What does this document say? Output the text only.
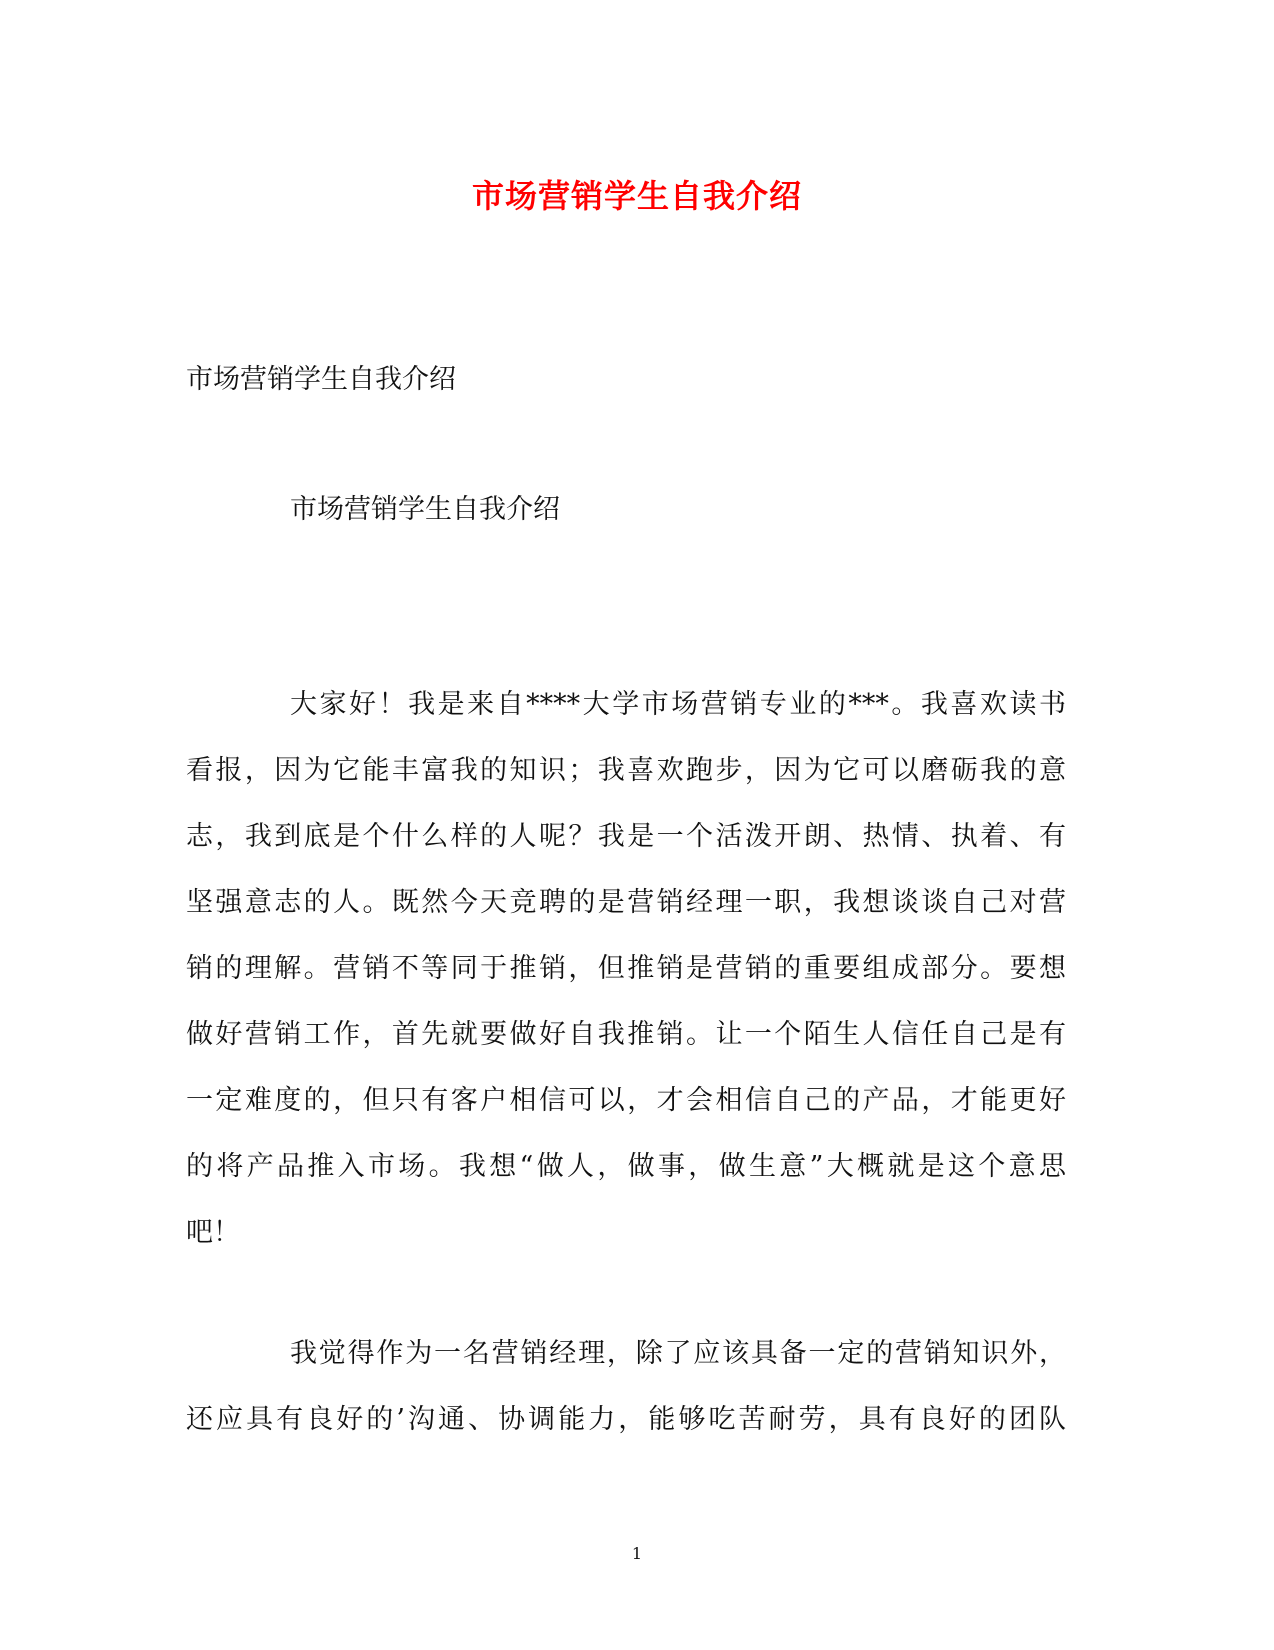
市场营销学生自我介绍

市场营销学生自我介绍

市场营销学生自我介绍

大家好！我是来自****大学市场营销专业的***。我喜欢读书
看报，因为它能丰富我的知识；我喜欢跑步，因为它可以磨砺我的意
志，我到底是个什么样的人呢？我是一个活泼开朗、热情、执着、有
坚强意志的人。既然今天竞聘的是营销经理一职，我想谈谈自己对营
销的理解。营销不等同于推销，但推销是营销的重要组成部分。要想
做好营销工作，首先就要做好自我推销。让一个陌生人信任自己是有
一定难度的，但只有客户相信可以，才会相信自己的产品，才能更好
的将产品推入市场。我想“做人，做事，做生意”大概就是这个意思
吧！

我觉得作为一名营销经理，除了应该具备一定的营销知识外，
还应具有良好的’沟通、协调能力，能够吃苦耐劳，具有良好的团队

1
